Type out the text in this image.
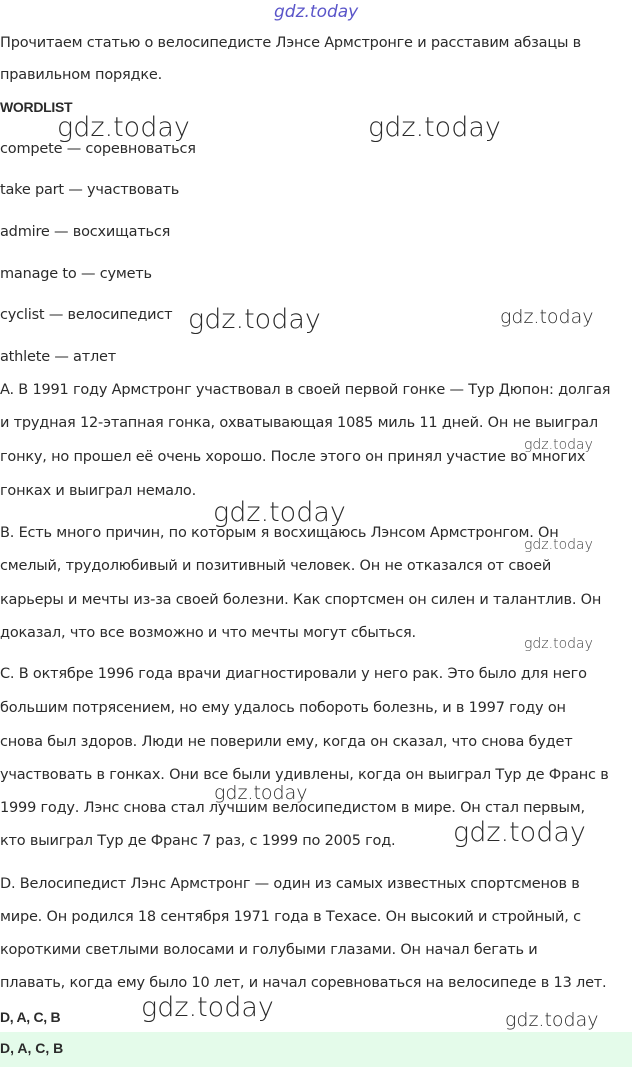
gdz.today
Прочитаем статью о велосипедисте Лэнсе Армстронге и расставим абзацы в
правильном порядке.
WORDLIST
compete — соревноваться
take part — участвовать
admire — восхищаться
manage to — суметь
cyclist — велосипедист
athlete — атлет
A. В 1991 году Армстронг участвовал в своей первой гонке — Тур Дюпон: долгая
и трудная 12-этапная гонка, охватывающая 1085 миль 11 дней. Он не выиграл
гонку, но прошел её очень хорошо. После этого он принял участие во многих
гонках и выиграл немало.
B. Есть много причин, по которым я восхищаюсь Лэнсом Армстронгом. Он
смелый, трудолюбивый и позитивный человек. Он не отказался от своей
карьеры и мечты из-за своей болезни. Как спортсмен он силен и талантлив. Он
доказал, что все возможно и что мечты могут сбыться.
C. В октябре 1996 года врачи диагностировали у него рак. Это было для него
большим потрясением, но ему удалось побороть болезнь, и в 1997 году он
снова был здоров. Люди не поверили ему, когда он сказал, что снова будет
участвовать в гонках. Они все были удивлены, когда он выиграл Тур де Франс в
1999 году. Лэнс снова стал лучшим велосипедистом в мире. Он стал первым,
кто выиграл Тур де Франс 7 раз, с 1999 по 2005 год.
D. Велосипедист Лэнс Армстронг — один из самых известных спортсменов в
мире. Он родился 18 сентября 1971 года в Техасе. Он высокий и стройный, с
короткими светлыми волосами и голубыми глазами. Он начал бегать и
плавать, когда ему было 10 лет, и начал соревноваться на велосипеде в 13 лет.
D, A, C, B
D, A, C, B
gdz.today	gdz.today
gdz.today	gdz.today
gdz.today
gdz.today
gdz.today
gdz.today
gdz.today
gdz.today
gdz.today	gdz.today
